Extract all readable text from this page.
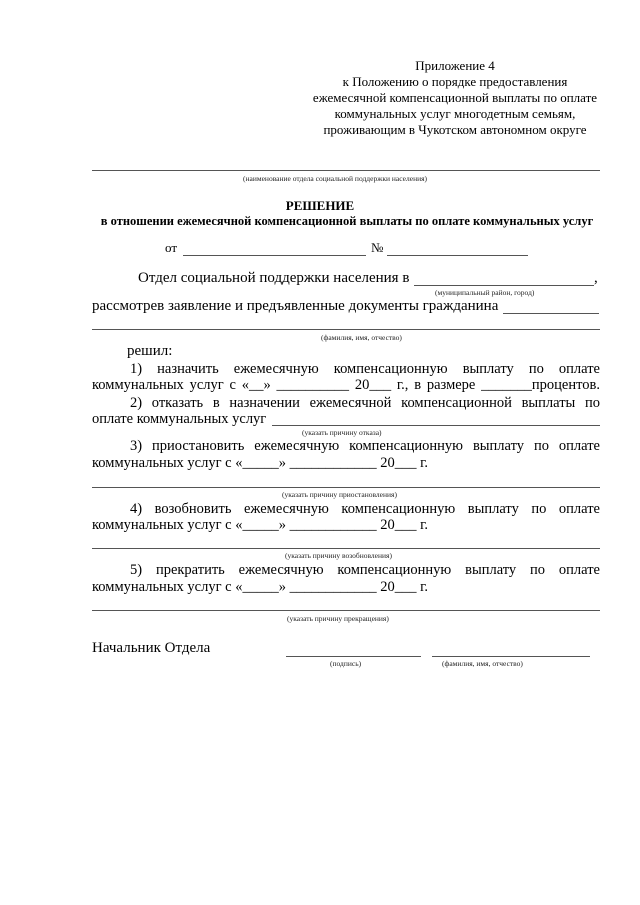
Приложение 4
к Положению о порядке предоставления
ежемесячной компенсационной выплаты по оплате
коммунальных услуг многодетным семьям,
проживающим в Чукотском автономном округе
(наименование отдела социальной поддержки населения)
РЕШЕНИЕ
в отношении ежемесячной компенсационной выплаты по оплате коммунальных услуг
от	№
Отдел социальной поддержки населения в	,
(муниципальный район, город)
рассмотрев заявление и предъявленные документы гражданина
(фамилия, имя, отчество)
решил:
1) назначить ежемесячную компенсационную выплату по оплате
коммунальных услуг с «__» __________ 20___ г., в размере _______процентов.
2) отказать в назначении ежемесячной компенсационной выплаты по
оплате коммунальных услуг
(указать причину отказа)
3) приостановить ежемесячную компенсационную выплату по оплате
коммунальных услуг с «_____» ____________ 20___ г.
(указать причину приостановления)
4) возобновить ежемесячную компенсационную выплату по оплате
коммунальных услуг с «_____» ____________ 20___ г.
(указать причину возобновления)
5) прекратить ежемесячную компенсационную выплату по оплате
коммунальных услуг с «_____» ____________ 20___ г.
(указать причину прекращения)
Начальник Отдела
(подпись)	(фамилия, имя, отчество)
